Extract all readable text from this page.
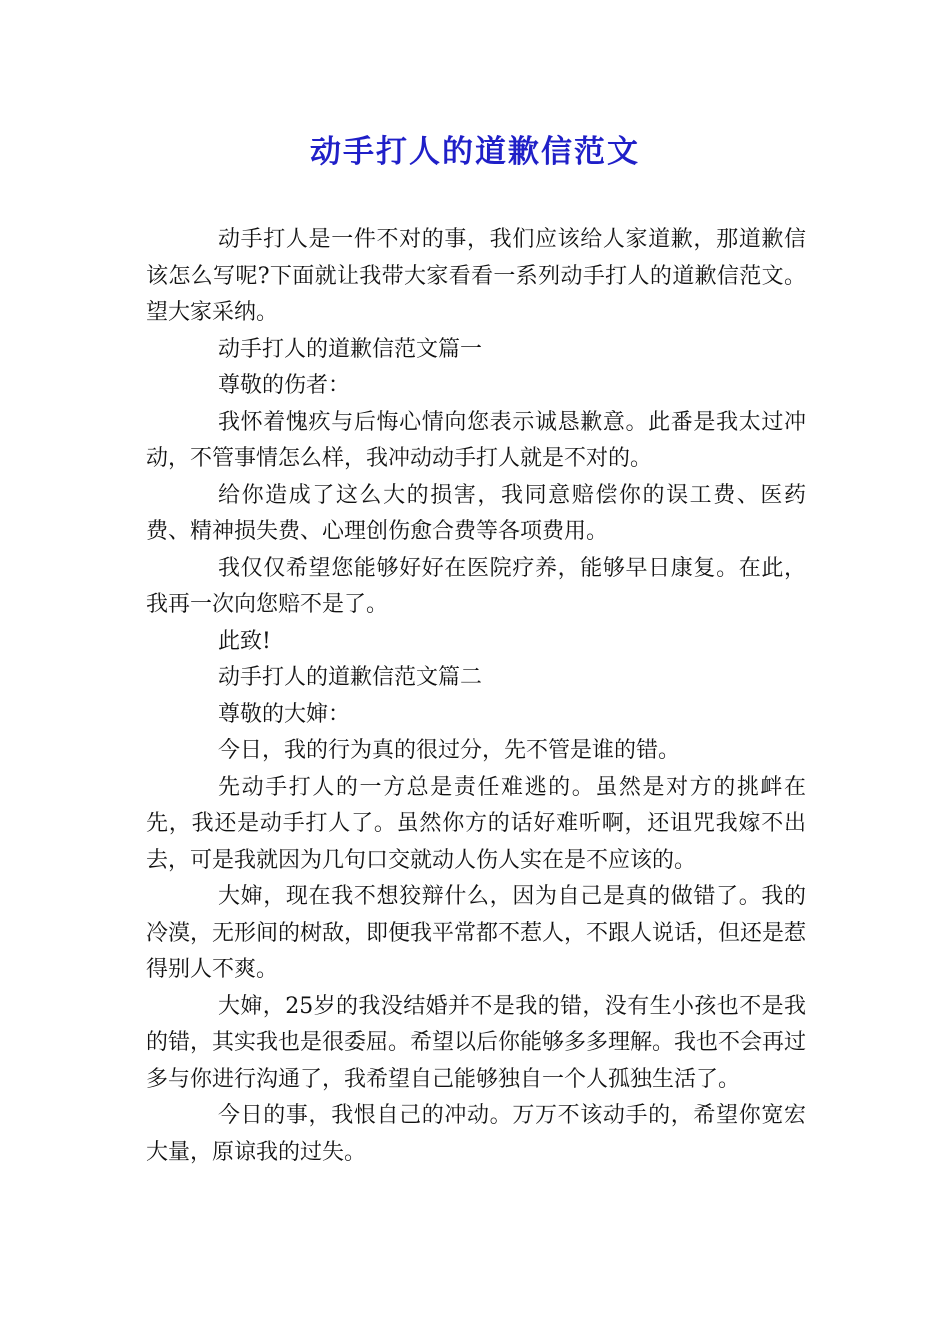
动手打人的道歉信范文

动手打人是一件不对的事，我们应该给人家道歉，那道歉信该怎么写呢?下面就让我带大家看看一系列动手打人的道歉信范文。望大家采纳。

动手打人的道歉信范文篇一

尊敬的伤者：

我怀着愧疚与后悔心情向您表示诚恳歉意。此番是我太过冲动，不管事情怎么样，我冲动动手打人就是不对的。

给你造成了这么大的损害，我同意赔偿你的误工费、医药费、精神损失费、心理创伤愈合费等各项费用。

我仅仅希望您能够好好在医院疗养，能够早日康复。在此，我再一次向您赔不是了。

此致!

动手打人的道歉信范文篇二

尊敬的大婶：

今日，我的行为真的很过分，先不管是谁的错。

先动手打人的一方总是责任难逃的。虽然是对方的挑衅在先，我还是动手打人了。虽然你方的话好难听啊，还诅咒我嫁不出去，可是我就因为几句口交就动人伤人实在是不应该的。

大婶，现在我不想狡辩什么，因为自己是真的做错了。我的冷漠，无形间的树敌，即便我平常都不惹人，不跟人说话，但还是惹得别人不爽。

大婶，25岁的我没结婚并不是我的错，没有生小孩也不是我的错，其实我也是很委屈。希望以后你能够多多理解。我也不会再过多与你进行沟通了，我希望自己能够独自一个人孤独生活了。

今日的事，我恨自己的冲动。万万不该动手的，希望你宽宏大量，原谅我的过失。
